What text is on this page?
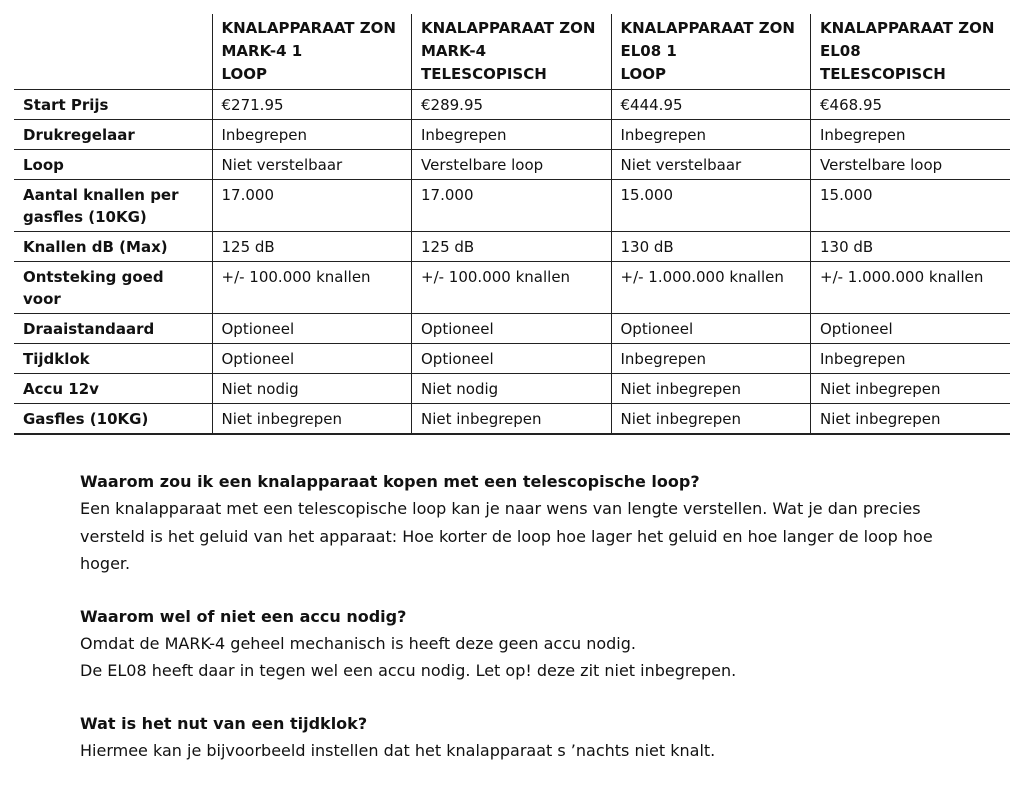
	KNALAPPARAAT ZON
MARK-4 1
LOOP	KNALAPPARAAT ZON
MARK-4
TELESCOPISCH	KNALAPPARAAT ZON
EL08 1
LOOP	KNALAPPARAAT ZON
EL08
TELESCOPISCH

Start Prijs	€271.95	€289.95	€444.95	€468.95
Drukregelaar	Inbegrepen	Inbegrepen	Inbegrepen	Inbegrepen
Loop	Niet verstelbaar	Verstelbare loop	Niet verstelbaar	Verstelbare loop
Aantal knallen per gasfles (10KG)	17.000	17.000	15.000	15.000
Knallen dB (Max)	125 dB	125 dB	130 dB	130 dB
Ontsteking goed voor	+/- 100.000 knallen	+/- 100.000 knallen	+/- 1.000.000 knallen	+/- 1.000.000 knallen
Draaistandaard	Optioneel	Optioneel	Optioneel	Optioneel
Tijdklok	Optioneel	Optioneel	Inbegrepen	Inbegrepen
Accu 12v	Niet nodig	Niet nodig	Niet inbegrepen	Niet inbegrepen
Gasfles (10KG)	Niet inbegrepen	Niet inbegrepen	Niet inbegrepen	Niet inbegrepen
Waarom zou ik een knalapparaat kopen met een telescopische loop?

Een knalapparaat met een telescopische loop kan je naar wens van lengte verstellen. Wat je dan precies versteld is het geluid van het apparaat: Hoe korter de loop hoe lager het geluid en hoe langer de loop hoe hoger.

Waarom wel of niet een accu nodig?

Omdat de MARK-4 geheel mechanisch is heeft deze geen accu nodig.

De EL08 heeft daar in tegen wel een accu nodig. Let op! deze zit niet inbegrepen.

Wat is het nut van een tijdklok?

Hiermee kan je bijvoorbeeld instellen dat het knalapparaat s ’nachts niet knalt.
